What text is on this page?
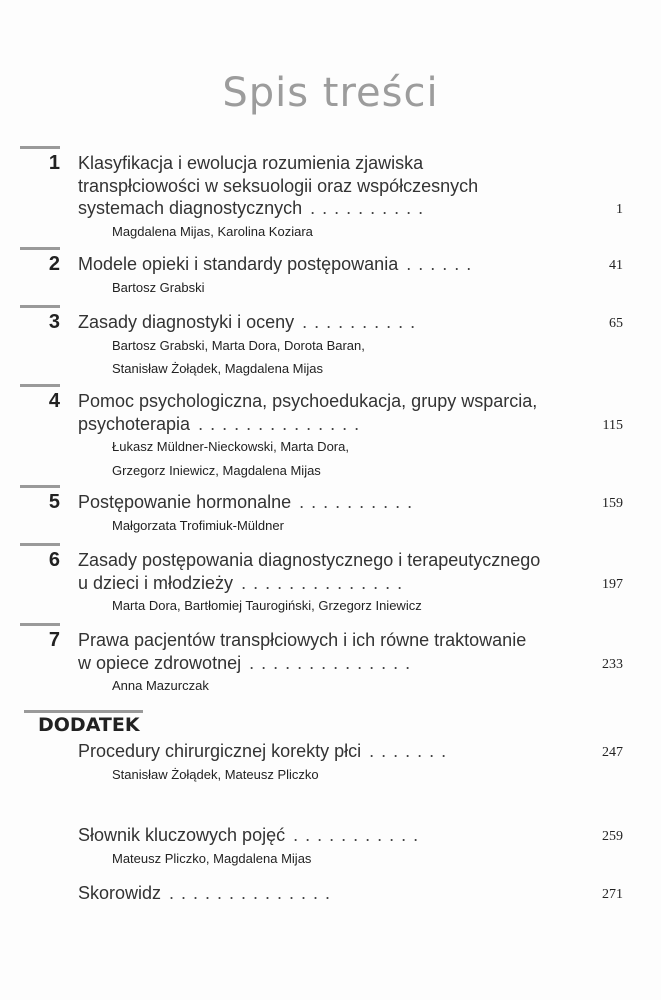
Spis treści
1 Klasyfikacja i ewolucja rozumienia zjawiska
transpłciowości w seksuologii oraz współczesnych
systemach diagnostycznych ..........	1
Magdalena Mijas, Karolina Koziara
2 Modele opieki i standardy postępowania ......	41
Bartosz Grabski
3 Zasady diagnostyki i oceny ..........	65
Bartosz Grabski, Marta Dora, Dorota Baran,
Stanisław Żołądek, Magdalena Mijas
4 Pomoc psychologiczna, psychoedukacja, grupy wsparcia,
psychoterapia ..............	115
Łukasz Müldner-Nieckowski, Marta Dora,
Grzegorz Iniewicz, Magdalena Mijas
5 Postępowanie hormonalne ..........	159
Małgorzata Trofimiuk-Müldner
6 Zasady postępowania diagnostycznego i terapeutycznego
u dzieci i młodzieży ..............	197
Marta Dora, Bartłomiej Taurogiński, Grzegorz Iniewicz
7 Prawa pacjentów transpłciowych i ich równe traktowanie
w opiece zdrowotnej ..............	233
Anna Mazurczak
Procedury chirurgicznej korekty płci .......	247
Stanisław Żołądek, Mateusz Pliczko
Słownik kluczowych pojęć ...........	259
Mateusz Pliczko, Magdalena Mijas
Skorowidz ..............	271
DODATEK
